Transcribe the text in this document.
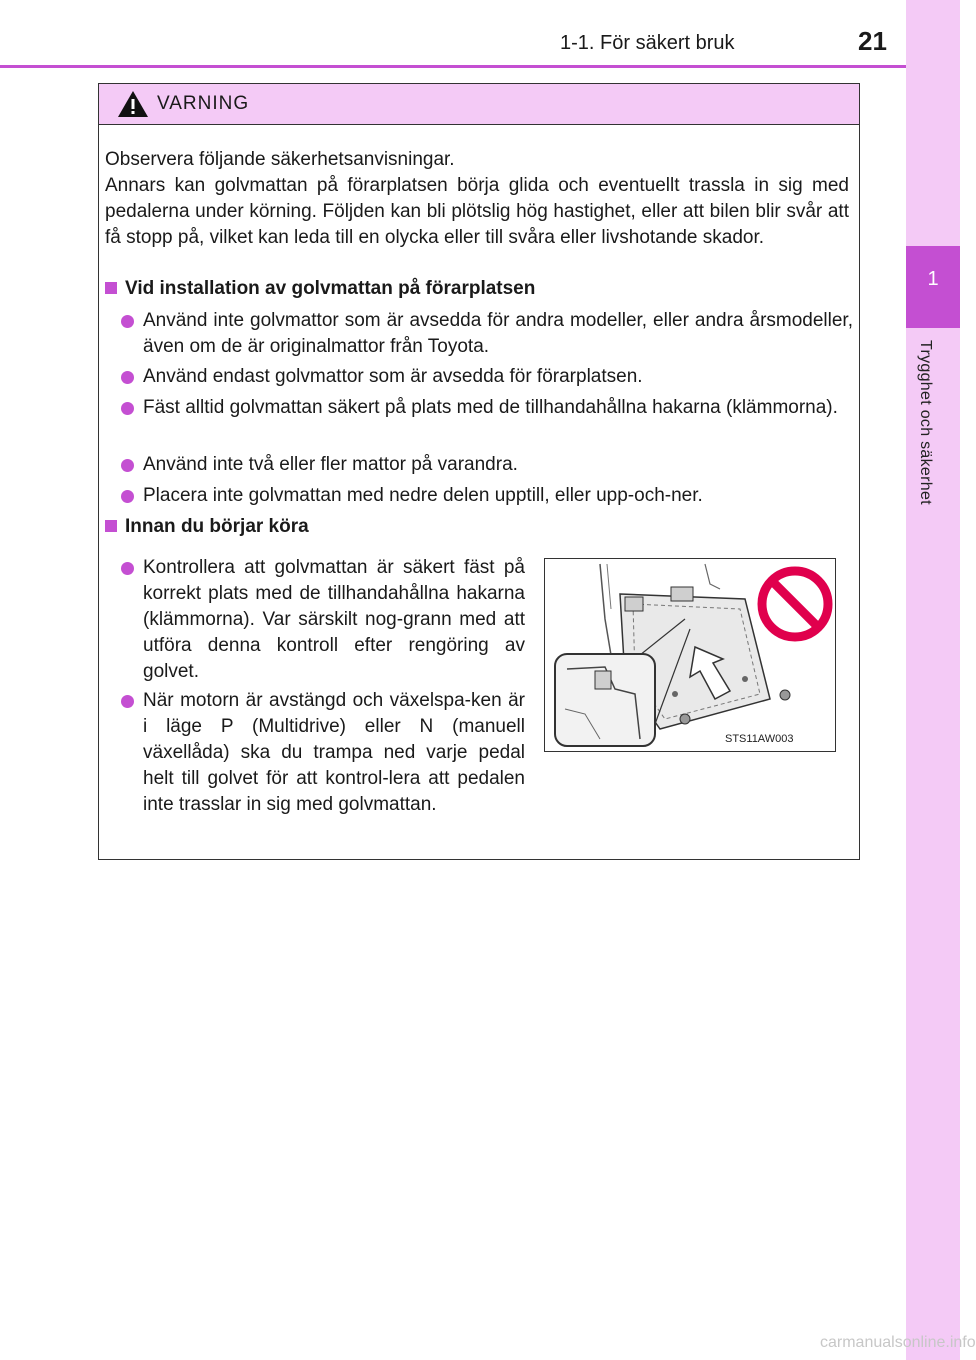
1-1. För säkert bruk	21
1
Trygghet och säkerhet
VARNING
Observera följande säkerhetsanvisningar.
Annars kan golvmattan på förarplatsen börja glida och eventuellt trassla in sig med pedalerna under körning. Följden kan bli plötslig hög hastighet, eller att bilen blir svår att få stopp på, vilket kan leda till en olycka eller till svåra eller livshotande skador.
Vid installation av golvmattan på förarplatsen
Använd inte golvmattor som är avsedda för andra modeller, eller andra årsmodeller, även om de är originalmattor från Toyota.
Använd endast golvmattor som är avsedda för förarplatsen.
Fäst alltid golvmattan säkert på plats med de tillhandahållna hakarna (klämmorna).
Använd inte två eller fler mattor på varandra.
Placera inte golvmattan med nedre delen upptill, eller upp-och-ner.
Innan du börjar köra
Kontrollera att golvmattan är säkert fäst på korrekt plats med de tillhandahållna hakarna (klämmorna). Var särskilt nog-grann med att utföra denna kontroll efter rengöring av golvet.
När motorn är avstängd och växelspa-ken är i läge P (Multidrive) eller N (manuell växellåda) ska du trampa ned varje pedal helt till golvet för att kontrol-lera att pedalen inte trasslar in sig med golvmattan.
STS11AW003
carmanualsonline.info
